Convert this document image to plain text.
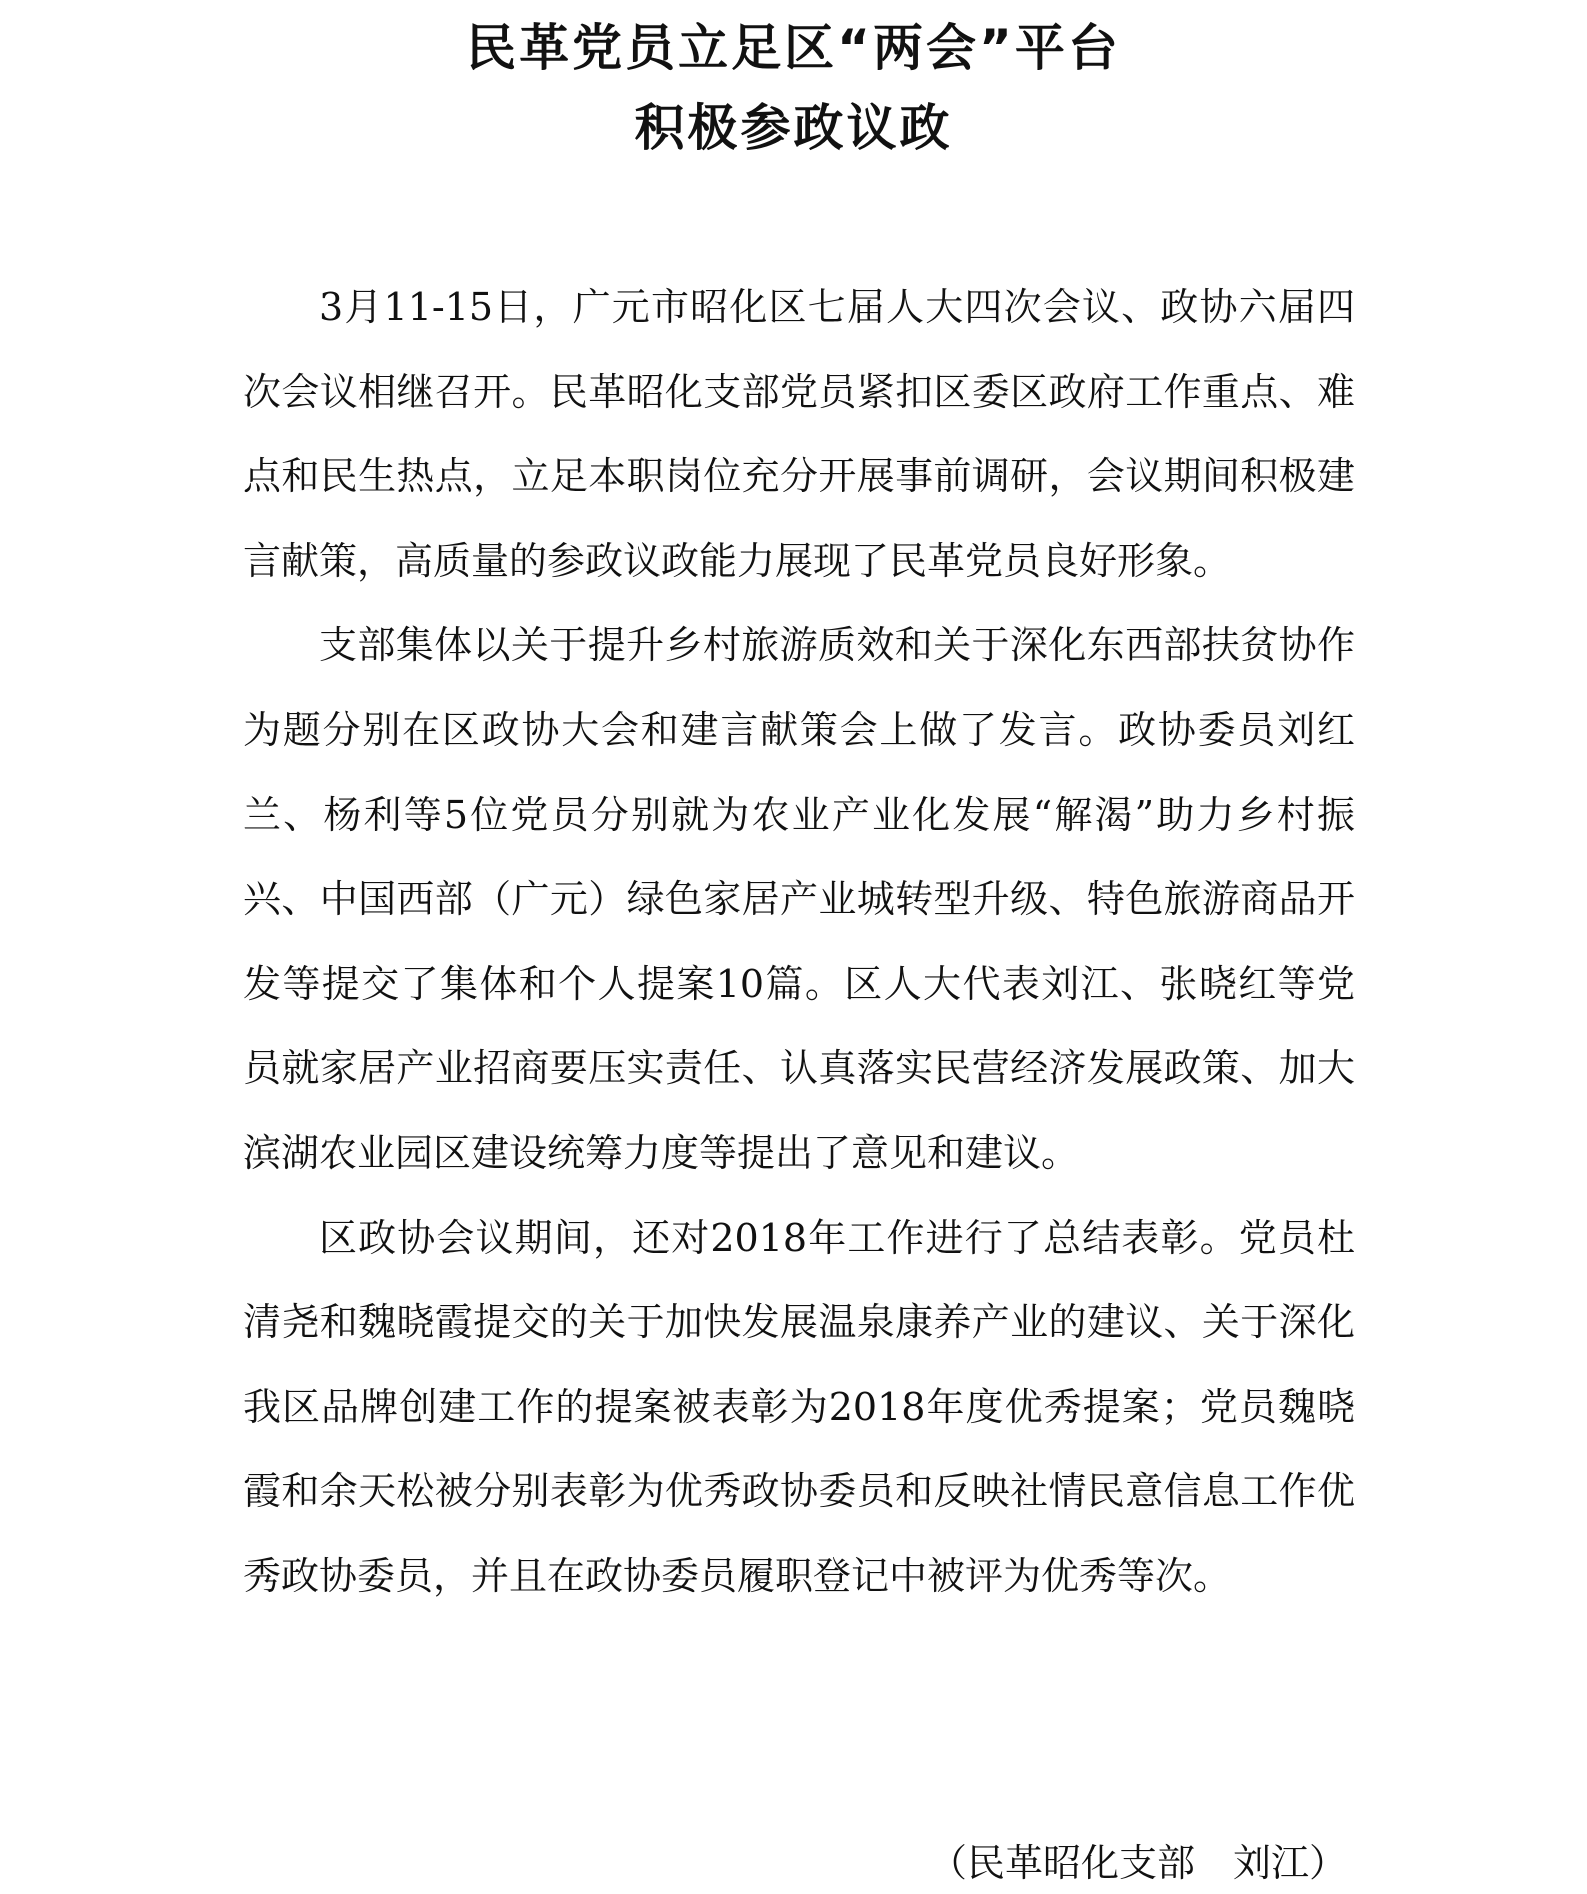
民革党员立足区“两会”平台
积极参政议政

3月11-15日，广元市昭化区七届人大四次会议、政协六届四次会议相继召开。民革昭化支部党员紧扣区委区政府工作重点、难点和民生热点，立足本职岗位充分开展事前调研，会议期间积极建言献策，高质量的参政议政能力展现了民革党员良好形象。

支部集体以关于提升乡村旅游质效和关于深化东西部扶贫协作为题分别在区政协大会和建言献策会上做了发言。政协委员刘红兰、杨利等5位党员分别就为农业产业化发展“解渴”助力乡村振兴、中国西部（广元）绿色家居产业城转型升级、特色旅游商品开发等提交了集体和个人提案10篇。区人大代表刘江、张晓红等党员就家居产业招商要压实责任、认真落实民营经济发展政策、加大滨湖农业园区建设统筹力度等提出了意见和建议。

区政协会议期间，还对2018年工作进行了总结表彰。党员杜清尧和魏晓霞提交的关于加快发展温泉康养产业的建议、关于深化我区品牌创建工作的提案被表彰为2018年度优秀提案；党员魏晓霞和余天松被分别表彰为优秀政协委员和反映社情民意信息工作优秀政协委员，并且在政协委员履职登记中被评为优秀等次。

（民革昭化支部　刘江）
